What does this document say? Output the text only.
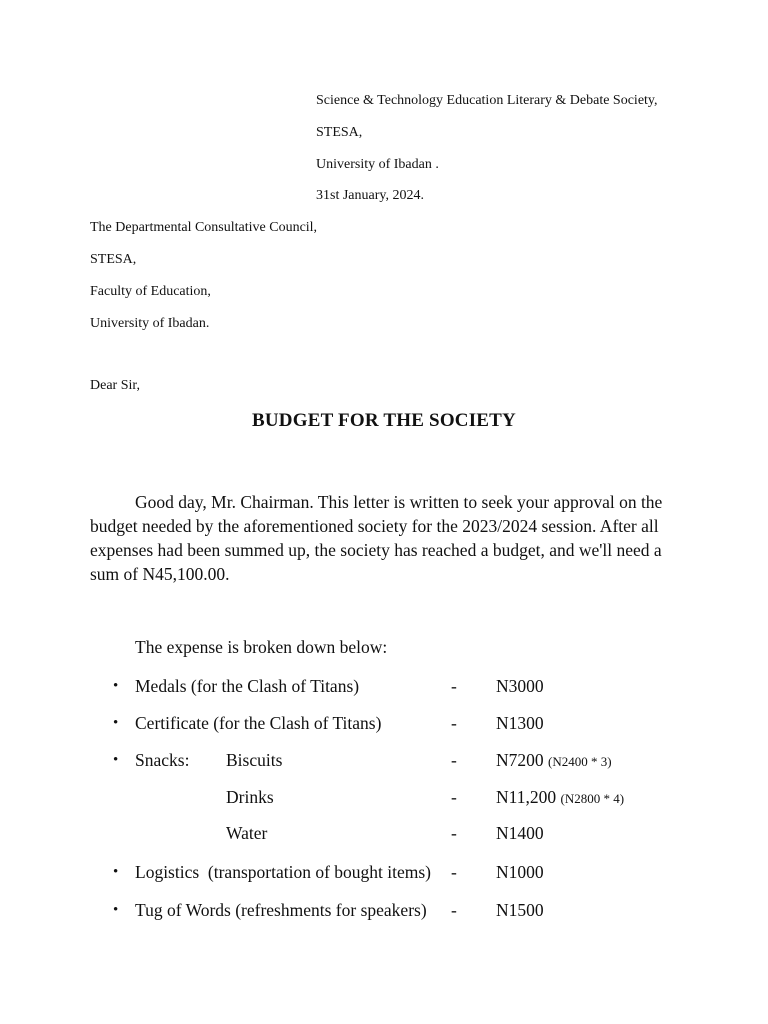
Science & Technology Education Literary & Debate Society,
STESA,
University of Ibadan .
31st January, 2024.
The Departmental Consultative Council,
STESA,
Faculty of Education,
University of Ibadan.
Dear Sir,
BUDGET FOR THE SOCIETY
Good day, Mr. Chairman. This letter is written to seek your approval on the budget needed by the aforementioned society for the 2023/2024 session. After all expenses had been summed up, the society has reached a budget, and we'll need a sum of N45,100.00.
The expense is broken down below:
• Medals (for the Clash of Titans)	- N3000
• Certificate (for the Clash of Titans)	- N1300
• Snacks: Biscuits	- N7200 (N2400 * 3)
Drinks	- N11,200 (N2800 * 4)
Water	- N1400
• Logistics  (transportation of bought items) - N1000
• Tug of Words (refreshments for speakers) - N1500
